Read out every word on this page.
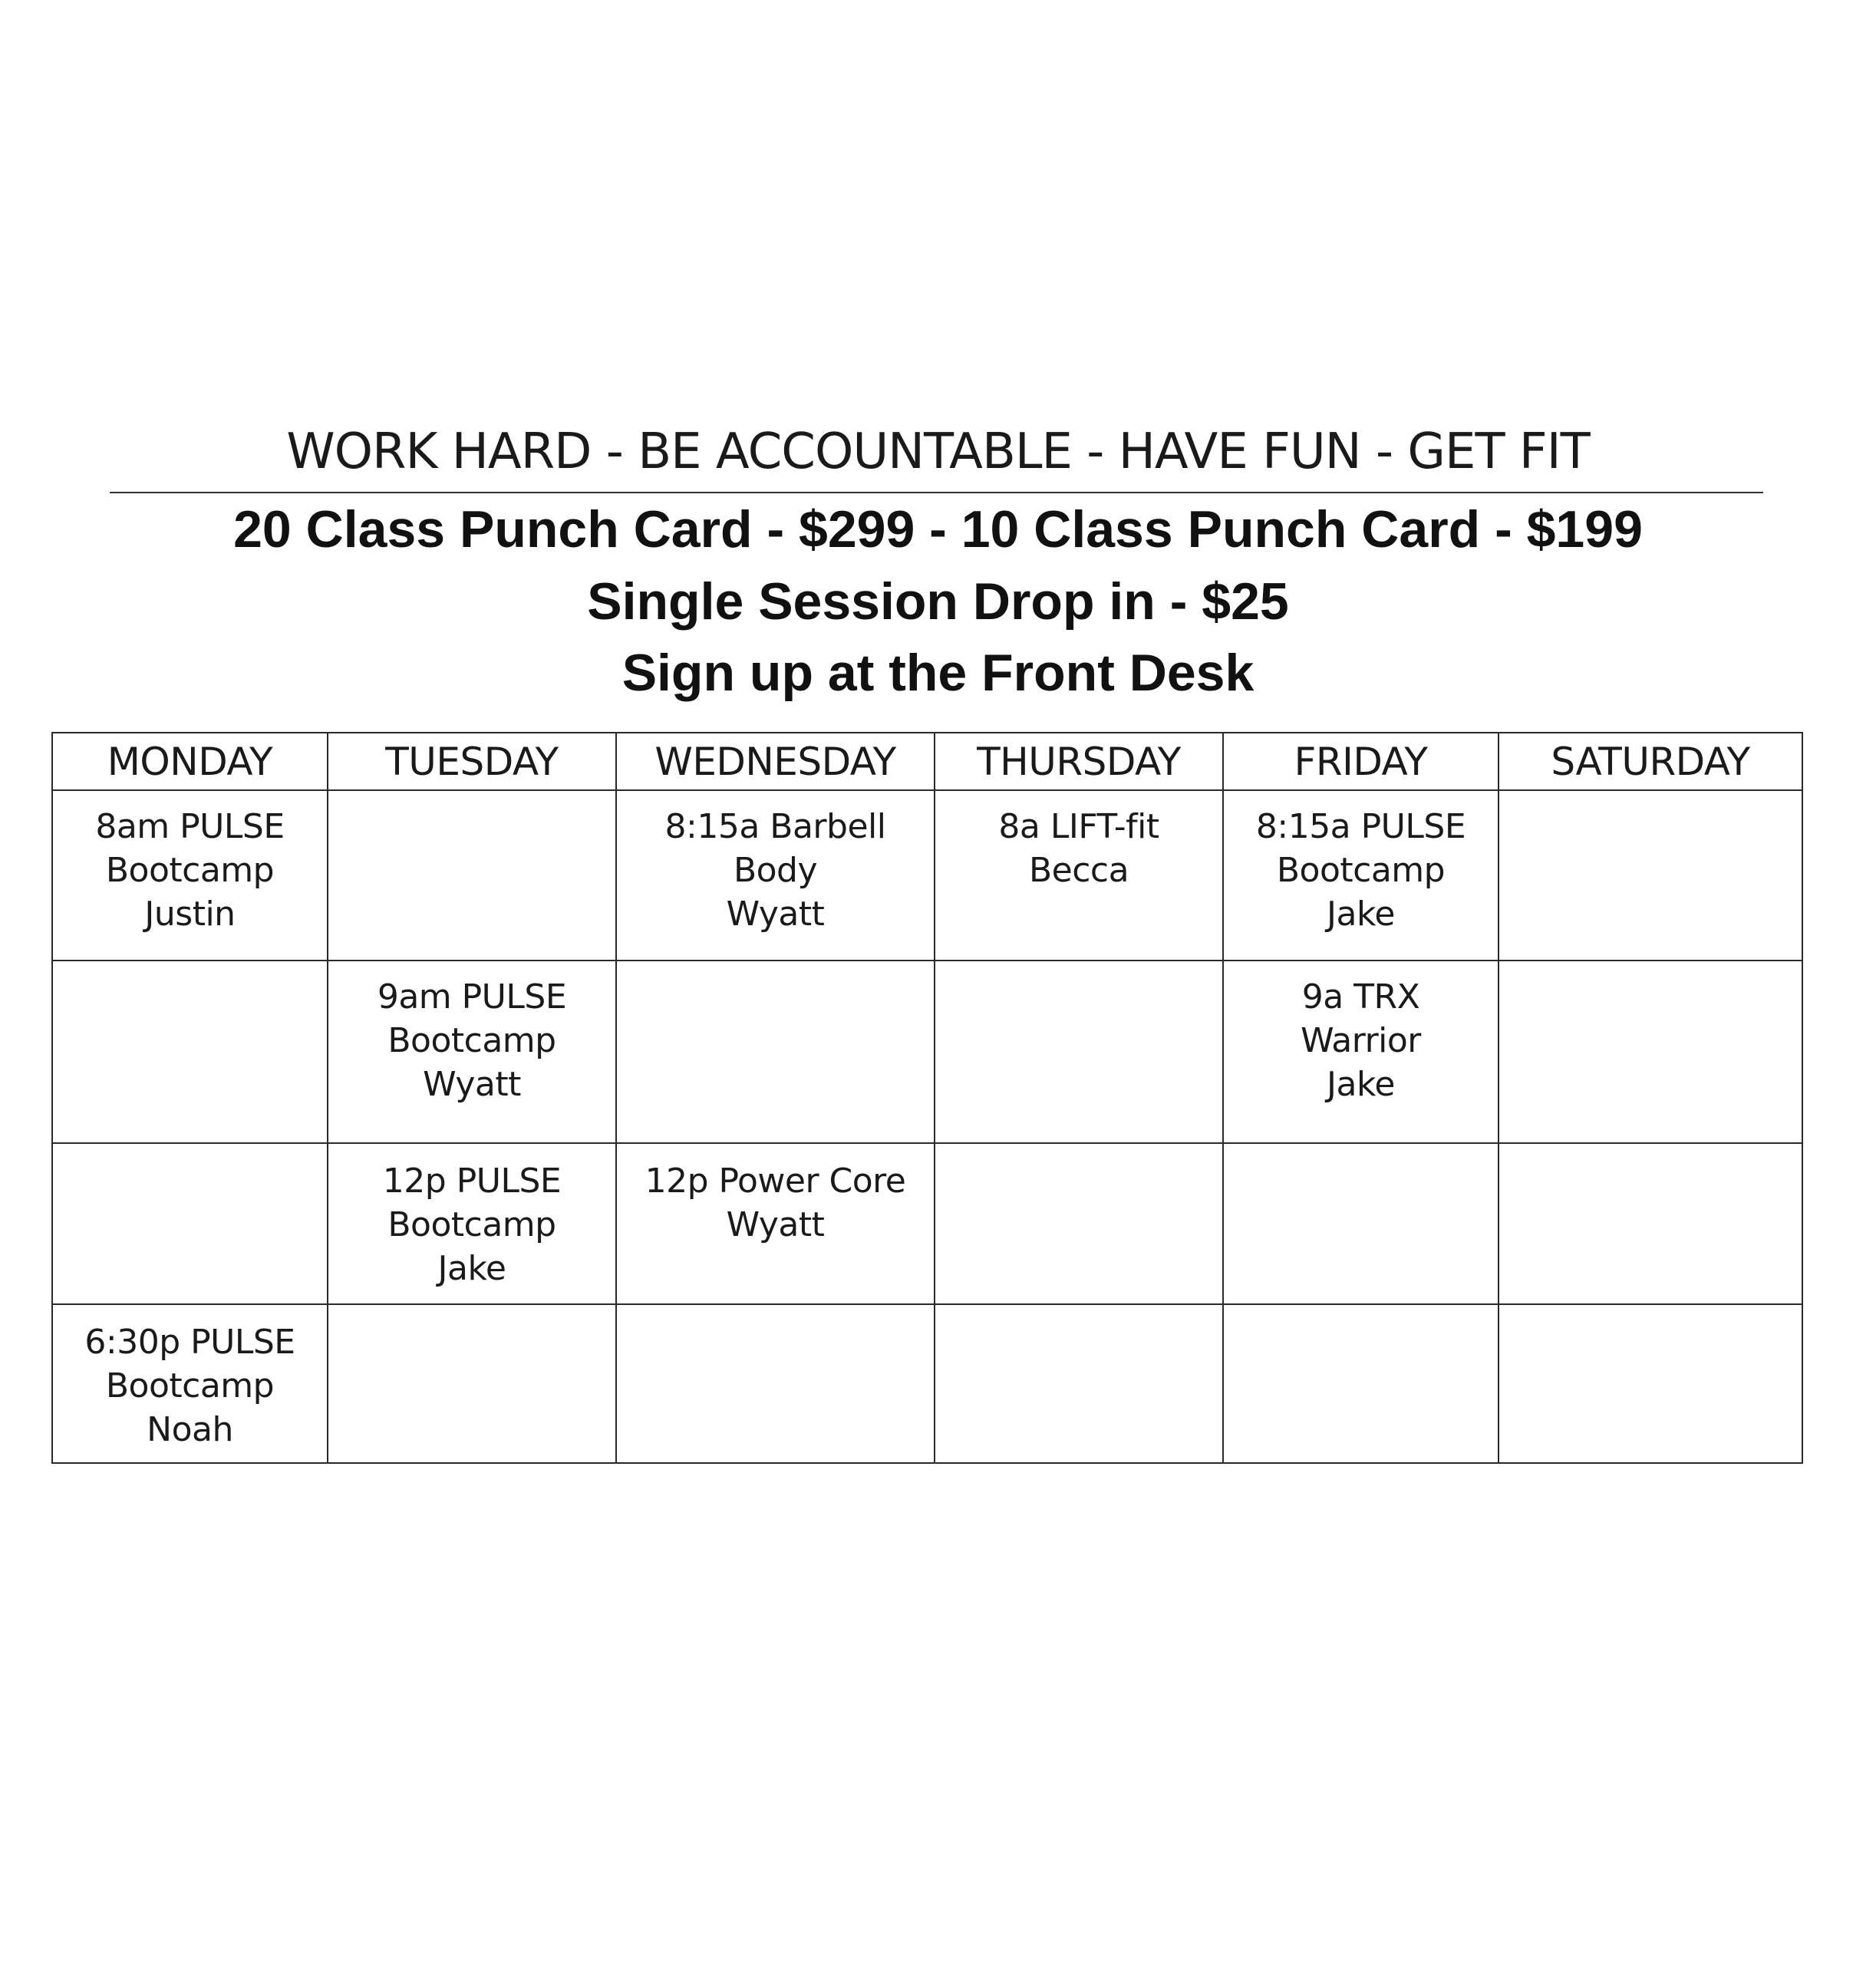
WORK HARD - BE ACCOUNTABLE - HAVE FUN - GET FIT
20 Class Punch Card - $299 - 10 Class Punch Card - $199
Single Session Drop in - $25
Sign up at the Front Desk
MONDAY	TUESDAY	WEDNESDAY	THURSDAY	FRIDAY	SATURDAY

8am PULSE
Bootcamp
Justin		8:15a Barbell
Body
Wyatt	8a LIFT-fit
Becca	8:15a PULSE
Bootcamp
Jake	

	9am PULSE
Bootcamp
Wyatt			9a TRX
Warrior
Jake	

	12p PULSE
Bootcamp
Jake	12p Power Core
Wyatt			

6:30p PULSE
Bootcamp
Noah					
